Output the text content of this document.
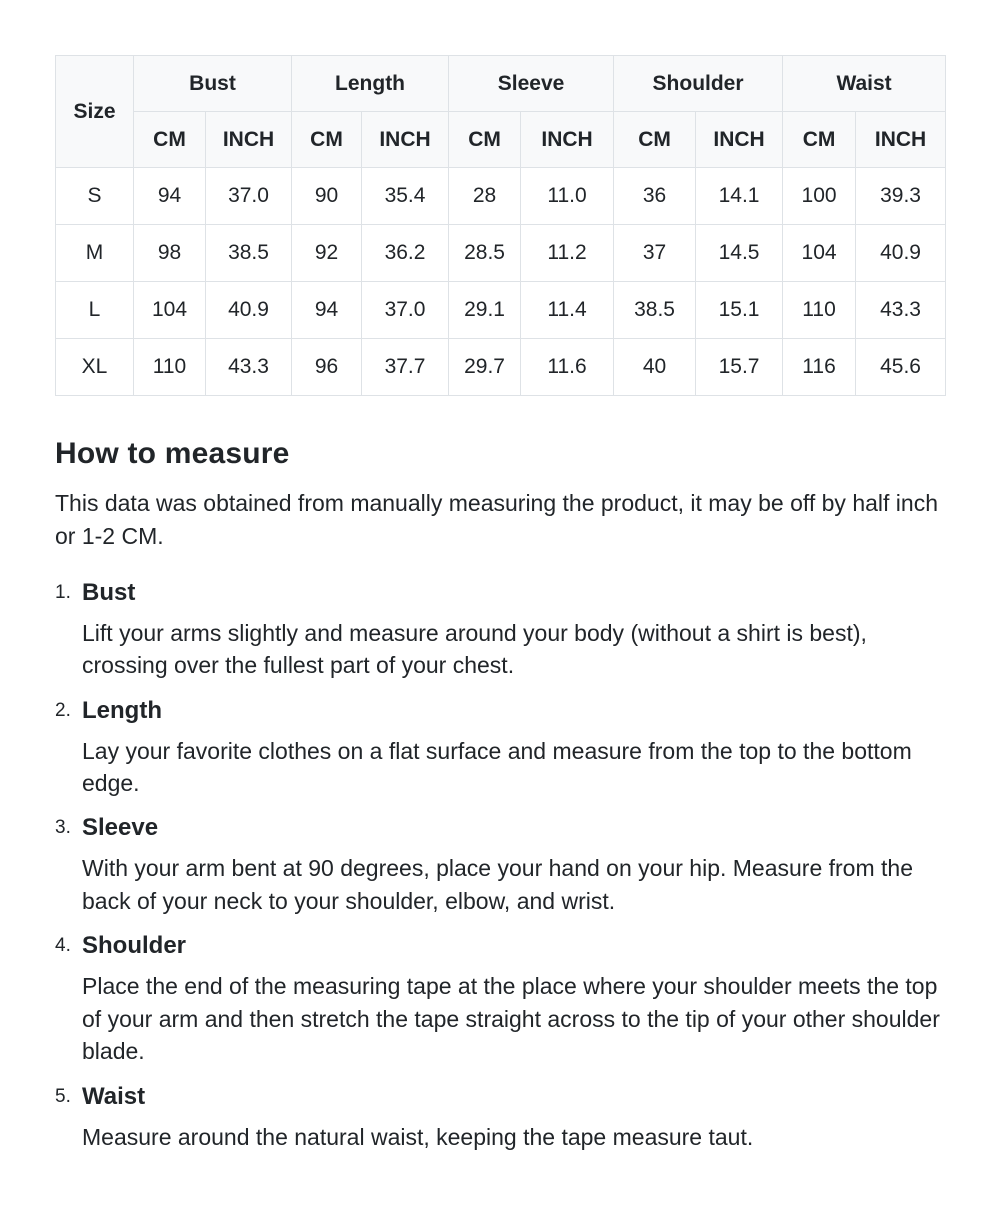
Size	Bust		Length		Sleeve		Shoulder		Waist	
	CM	INCH	CM	INCH	CM	INCH	CM	INCH	CM	INCH
S	94	37.0	90	35.4	28	11.0	36	14.1	100	39.3
M	98	38.5	92	36.2	28.5	11.2	37	14.5	104	40.9
L	104	40.9	94	37.0	29.1	11.4	38.5	15.1	110	43.3
XL	110	43.3	96	37.7	29.7	11.6	40	15.7	116	45.6
How to measure

This data was obtained from manually measuring the product, it may be off by half inch or 1-2 CM.

1. Bust

Lift your arms slightly and measure around your body (without a shirt is best), crossing over the fullest part of your chest.

2. Length

Lay your favorite clothes on a flat surface and measure from the top to the bottom edge.

3. Sleeve

With your arm bent at 90 degrees, place your hand on your hip. Measure from the back of your neck to your shoulder, elbow, and wrist.

4. Shoulder

Place the end of the measuring tape at the place where your shoulder meets the top of your arm and then stretch the tape straight across to the tip of your other shoulder blade.

5. Waist

Measure around the natural waist, keeping the tape measure taut.
